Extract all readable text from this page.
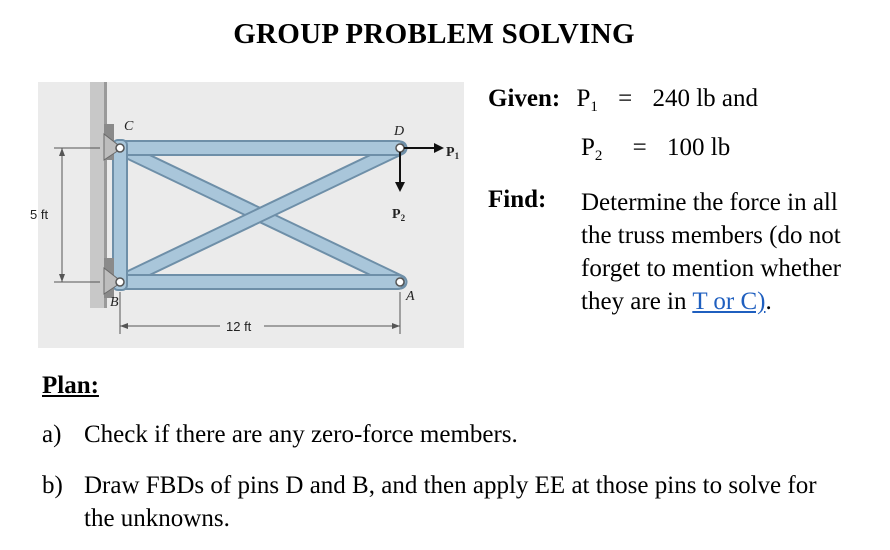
GROUP PROBLEM SOLVING
C	D
A
B
$P_1$
$P_2$
5 ft
12 ft
Given: $P_1 = 240$ lb and
$P_2 = 100$ lb
Find: Determine the force in all the truss members (do not forget to mention whether they are in T or C).
Plan:
a) Check if there are any zero-force members.
b) Draw FBDs of pins D and B, and then apply EE at those pins to solve for the unknowns.
